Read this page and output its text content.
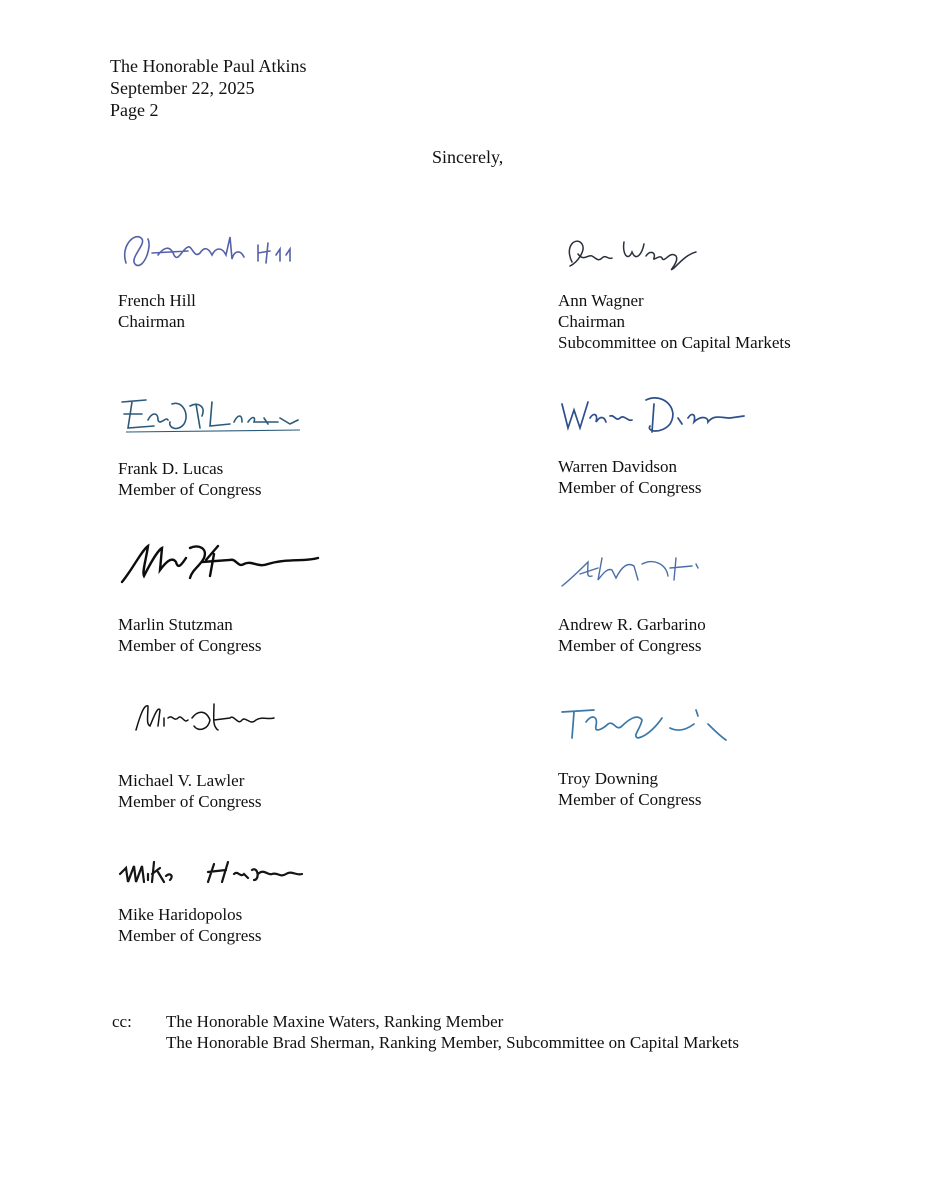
The Honorable Paul Atkins
September 22, 2025
Page 2
Sincerely,
French Hill
Chairman
Ann Wagner
Chairman
Subcommittee on Capital Markets
Frank D. Lucas
Member of Congress
Warren Davidson
Member of Congress
Marlin Stutzman
Member of Congress
Andrew R. Garbarino
Member of Congress
Michael V. Lawler
Member of Congress
Troy Downing
Member of Congress
Mike Haridopolos
Member of Congress
cc: The Honorable Maxine Waters, Ranking Member
The Honorable Brad Sherman, Ranking Member, Subcommittee on Capital Markets
